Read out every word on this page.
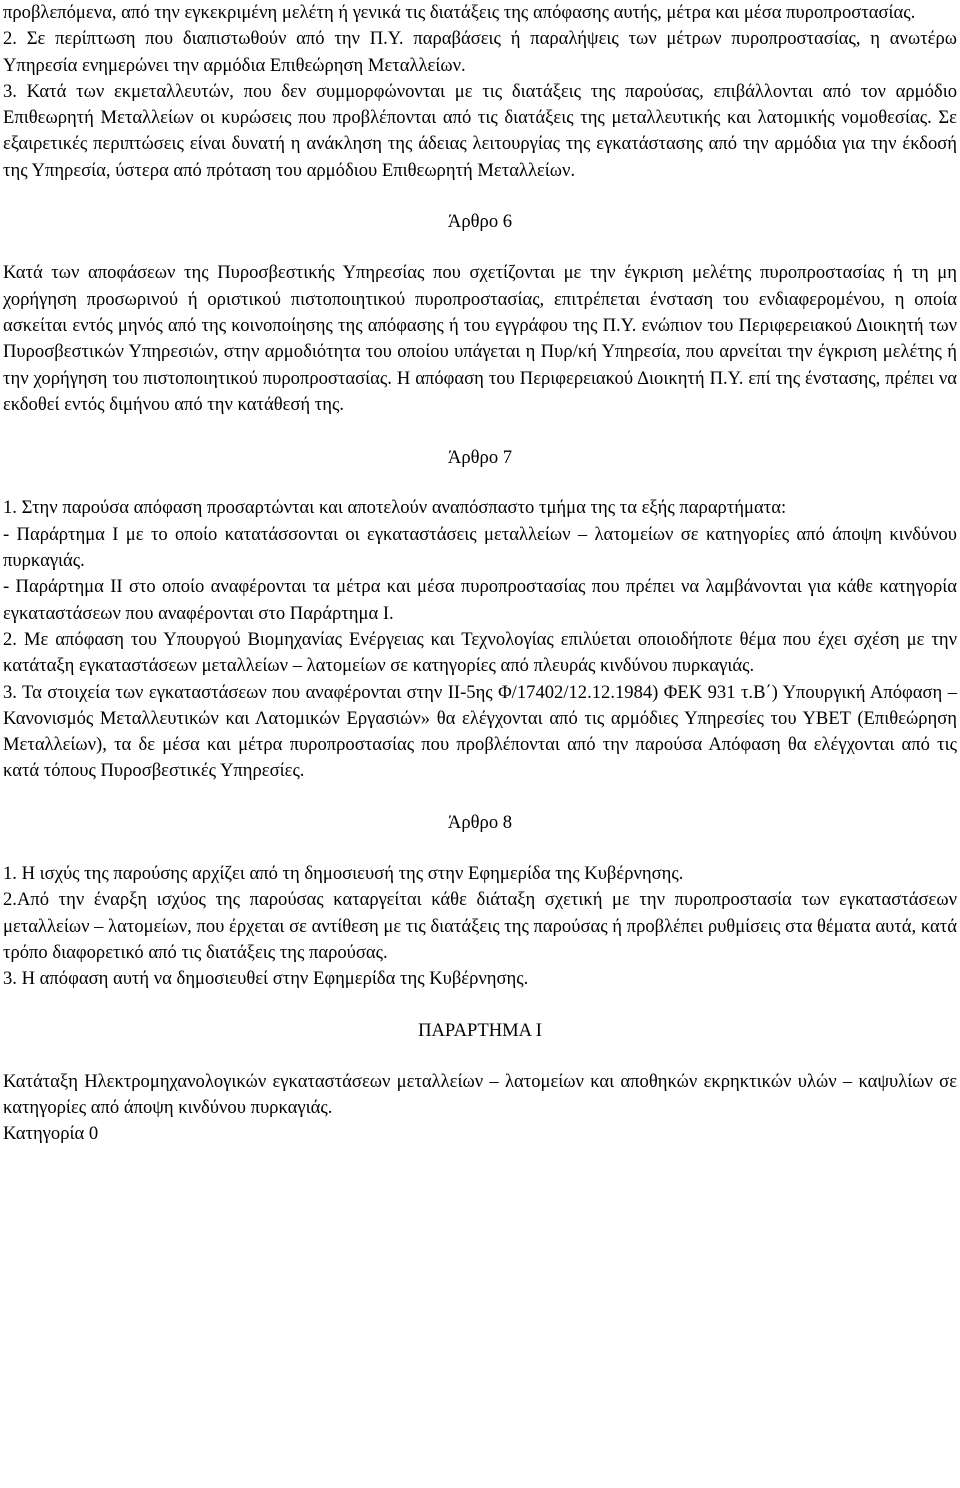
προβλεπόμενα, από την εγκεκριμένη μελέτη ή γενικά τις διατάξεις της απόφασης αυτής, μέτρα και μέσα πυροπροστασίας.

2. Σε περίπτωση που διαπιστωθούν από την Π.Υ. παραβάσεις ή παραλήψεις των μέτρων πυροπροστασίας, η ανωτέρω Υπηρεσία ενημερώνει την αρμόδια Επιθεώρηση Μεταλλείων.

3. Κατά των εκμεταλλευτών, που δεν συμμορφώνονται με τις διατάξεις της παρούσας, επιβάλλονται από τον αρμόδιο Επιθεωρητή Μεταλλείων οι κυρώσεις που προβλέπονται από τις διατάξεις της μεταλλευτικής και λατομικής νομοθεσίας. Σε εξαιρετικές περιπτώσεις είναι δυνατή η ανάκληση της άδειας λειτουργίας της εγκατάστασης από την αρμόδια για την έκδοσή της Υπηρεσία, ύστερα από πρόταση του αρμόδιου Επιθεωρητή Μεταλλείων.

Άρθρο 6

Κατά των αποφάσεων της Πυροσβεστικής Υπηρεσίας που σχετίζονται με την έγκριση μελέτης πυροπροστασίας ή τη μη χορήγηση προσωρινού ή οριστικού πιστοποιητικού πυροπροστασίας, επιτρέπεται ένσταση του ενδιαφερομένου, η οποία ασκείται εντός μηνός από της κοινοποίησης της απόφασης ή του εγγράφου της Π.Υ. ενώπιον του Περιφερειακού Διοικητή των Πυροσβεστικών Υπηρεσιών, στην αρμοδιότητα του οποίου υπάγεται η Πυρ/κή Υπηρεσία, που αρνείται την έγκριση μελέτης ή την χορήγηση του πιστοποιητικού πυροπροστασίας. Η απόφαση του Περιφερειακού Διοικητή Π.Υ. επί της ένστασης, πρέπει να εκδοθεί εντός διμήνου από την κατάθεσή της.

Άρθρο 7

1. Στην παρούσα απόφαση προσαρτώνται και αποτελούν αναπόσπαστο τμήμα της τα εξής παραρτήματα:

- Παράρτημα Ι με το οποίο κατατάσσονται οι εγκαταστάσεις μεταλλείων – λατομείων σε κατηγορίες από άποψη κινδύνου πυρκαγιάς.

- Παράρτημα ΙΙ στο οποίο αναφέρονται τα μέτρα και μέσα πυροπροστασίας που πρέπει να λαμβάνονται για κάθε κατηγορία εγκαταστάσεων που αναφέρονται στο Παράρτημα Ι.

2. Με απόφαση του Υπουργού Βιομηχανίας Ενέργειας και Τεχνολογίας επιλύεται οποιοδήποτε θέμα που έχει σχέση με την κατάταξη εγκαταστάσεων μεταλλείων – λατομείων σε κατηγορίες από πλευράς κινδύνου πυρκαγιάς.

3. Τα στοιχεία των εγκαταστάσεων που αναφέρονται στην ΙΙ-5ης Φ/17402/12.12.1984) ΦΕΚ 931 τ.Β΄) Υπουργική Απόφαση – Κανονισμός Μεταλλευτικών και Λατομικών Εργασιών» θα ελέγχονται από τις αρμόδιες Υπηρεσίες του ΥΒΕΤ (Επιθεώρηση Μεταλλείων), τα δε μέσα και μέτρα πυροπροστασίας που προβλέπονται από την παρούσα Απόφαση θα ελέγχονται από τις κατά τόπους Πυροσβεστικές Υπηρεσίες.

Άρθρο 8

1. Η ισχύς της παρούσης αρχίζει από τη δημοσιευσή της στην Εφημερίδα της Κυβέρνησης.

2.Από την έναρξη ισχύος της παρούσας καταργείται κάθε διάταξη σχετική με την πυροπροστασία των εγκαταστάσεων μεταλλείων – λατομείων, που έρχεται σε αντίθεση με τις διατάξεις της παρούσας ή προβλέπει ρυθμίσεις στα θέματα αυτά, κατά τρόπο διαφορετικό από τις διατάξεις της παρούσας.

3. Η απόφαση αυτή να δημοσιευθεί στην Εφημερίδα της Κυβέρνησης.

ΠΑΡΑΡΤΗΜΑ Ι

Κατάταξη Ηλεκτρομηχανολογικών εγκαταστάσεων μεταλλείων – λατομείων και αποθηκών εκρηκτικών υλών – καψυλίων σε κατηγορίες από άποψη κινδύνου πυρκαγιάς.

Κατηγορία 0
